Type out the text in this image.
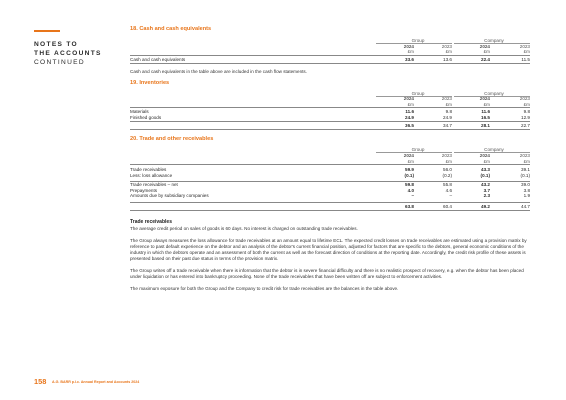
NOTES TO
THE ACCOUNTS
CONTINUED
18. Cash and cash equivalents
Group	Company
2024	2023	2024	2023
£m	£m	£m	£m
Cash and cash equivalents	33.6	13.6	22.4	11.5

Cash and cash equivalents in the table above are included in the cash flow statements.

19. Inventories
Group	Company
2024	2023	2024	2023
£m	£m	£m	£m
Materials	11.6	9.8	11.6	9.8
Finished goods	24.9	24.9	16.5	12.9
36.5	34.7	28.1	22.7
20. Trade and other receivables
Group	Company
2024	2023	2024	2023
£m	£m	£m	£m
Trade receivables	59.9	56.0	43.3	39.1
Less: loss allowance	(0.1)	(0.2)	(0.1)	(0.1)
Trade receivables – net	59.8	55.8	43.2	39.0
Prepayments	4.0	4.6	3.7	3.8
Amounts due by subsidiary companies	–	–	2.3	1.9
63.8	60.4	49.2	44.7
Trade receivables

The average credit period on sales of goods is 60 days. No interest is charged on outstanding trade receivables.

The Group always measures the loss allowance for trade receivables at an amount equal to lifetime ECL. The expected credit losses on trade receivables are estimated using a provision matrix by reference to past default experience on the debtor and an analysis of the debtor's current financial position, adjusted for factors that are specific to the debtors, general economic conditions of the industry in which the debtors operate and an assessment of both the current as well as the forecast direction of conditions at the reporting date. Accordingly, the credit risk profile of these assets is presented based on their past due status in terms of the provision matrix.

The Group writes off a trade receivable when there is information that the debtor is in severe financial difficulty and there is no realistic prospect of recovery, e.g. when the debtor has been placed under liquidation or has entered into bankruptcy proceeding. None of the trade receivables that have been written off are subject to enforcement activities.

The maximum exposure for both the Group and the Company to credit risk for trade receivables are the balances in the table above.

158 A.G. BARR p.l.c. Annual Report and Accounts 2024
